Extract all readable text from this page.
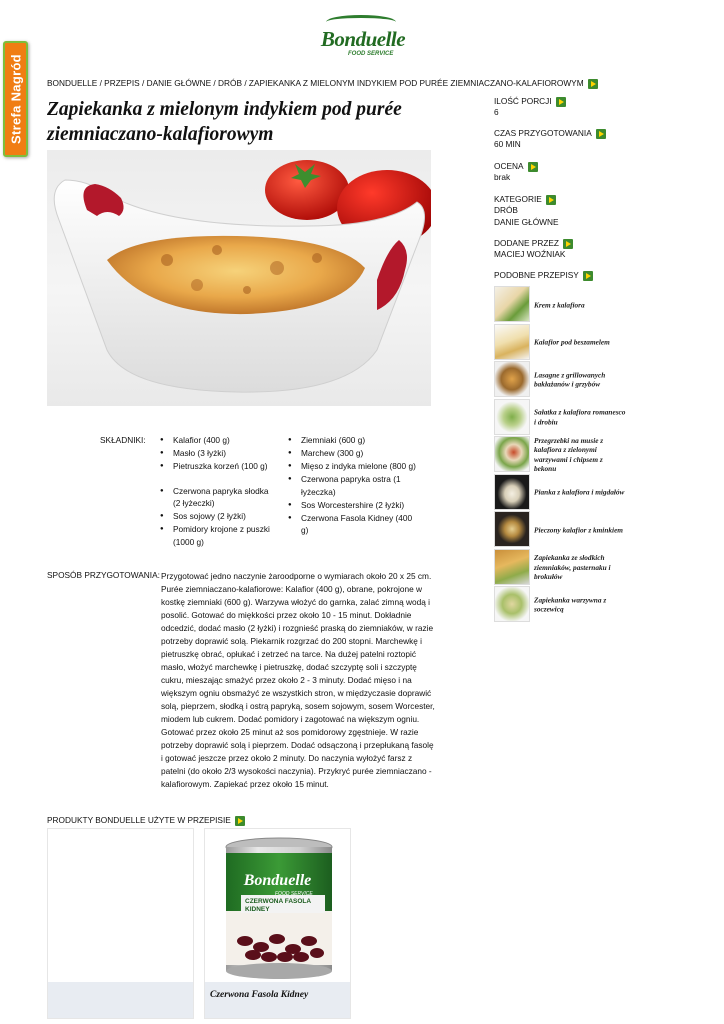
Strefa Nagród
Bonduelle
FOOD SERVICE
BONDUELLE / PRZEPIS / DANIE GŁÓWNE / DRÓB / ZAPIEKANKA Z MIELONYM INDYKIEM POD PURÉE ZIEMNIACZANO-KALAFIOROWYM
Zapiekanka z mielonym indykiem pod purée
ziemniaczano-kalafiorowym
ILOŚĆ PORCJI
6
CZAS PRZYGOTOWANIA
60 MIN
OCENA
brak
KATEGORIE
DRÓB
DANIE GŁÓWNE
DODANE PRZEZ
MACIEJ WOŹNIAK
PODOBNE PRZEPISY
Krem z kalafiora
Kalafior pod beszamelem
Lasagne z grillowanych bakłażanów i grzybów
Sałatka z kalafiora romanesco i drobiu
Przegrzebki na musie z kalafiora z zielonymi warzywami i chipsem z bekonu
Pianka z kalafiora i migdałów
Pieczony kalafior z kminkiem
Zapiekanka ze słodkich ziemniaków, pasternaku i brokułów
Zapiekanka warzywna z soczewicą
SKŁADNIKI:
●	Kalafior (400 g)
● Masło (3 łyżki)
● Pietruszka korzeń (100 g)
● Czerwona papryka słodka (2 łyżeczki)
● Sos sojowy (2 łyżki)
● Pomidory krojone z puszki (1000 g)
● Ziemniaki (600 g)
● Marchew (300 g)
● Mięso z indyka mielone (800 g)
● Czerwona papryka ostra (1 łyżeczka)
● Sos Worcestershire (2 łyżki)
● Czerwona Fasola Kidney (400 g)
SPOSÓB PRZYGOTOWANIA: Przygotować jedno naczynie żaroodporne o wymiarach około 20 x 25 cm. Purée ziemniaczano-kalafiorowe: Kalafior (400 g), obrane, pokrojone w kostkę ziemniaki (600 g). Warzywa włożyć do garnka, zalać zimną wodą i posolić. Gotować do miękkości przez około 10 - 15 minut. Dokładnie odcedzić, dodać masło (2 łyżki) i rozgnieść praską do ziemniaków, w razie potrzeby doprawić solą. Piekarnik rozgrzać do 200 stopni. Marchewkę i pietruszkę obrać, opłukać i zetrzeć na tarce. Na dużej patelni roztopić masło, włożyć marchewkę i pietruszkę, dodać szczyptę soli i szczyptę cukru, mieszając smażyć przez około 2 - 3 minuty. Dodać mięso i na większym ogniu obsmażyć ze wszystkich stron, w międzyczasie doprawić solą, pieprzem, słodką i ostrą papryką, sosem sojowym, sosem Worcester, miodem lub cukrem. Dodać pomidory i zagotować na większym ogniu. Gotować przez około 25 minut aż sos pomidorowy zgęstnieje. W razie potrzeby doprawić solą i pieprzem. Dodać odsączoną i przepłukaną fasolę i gotować jeszcze przez około 2 minuty. Do naczynia wyłożyć farsz z patelni (do około 2/3 wysokości naczynia). Przykryć purée ziemniaczano - kalafiorowym. Zapiekać przez około 15 minut.
PRODUKTY BONDUELLE UŻYTE W PRZEPISIE
Bonduelle
FOOD SERVICE
CZERWONA FASOLA
KIDNEY
Czerwona Fasola Kidney
